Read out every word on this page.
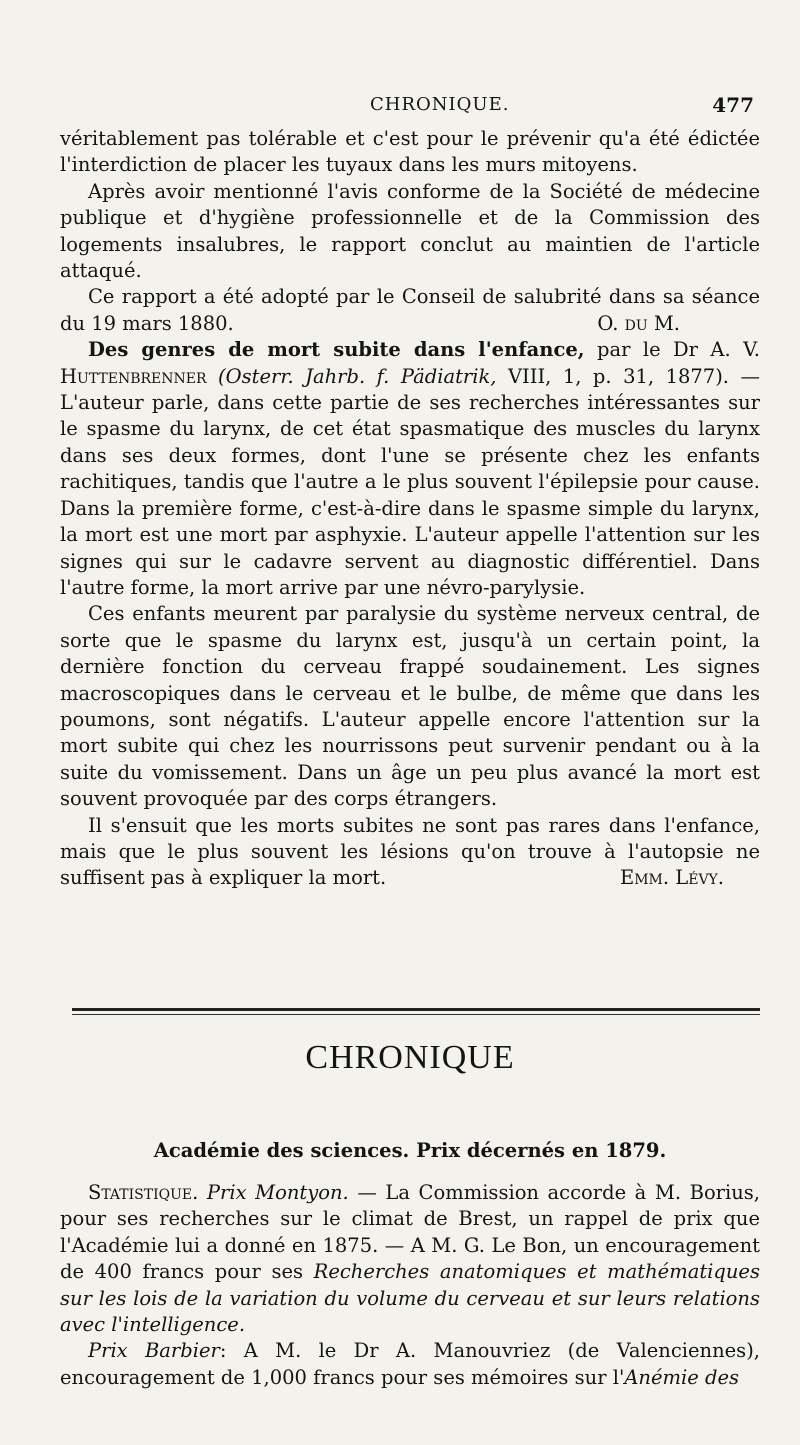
CHRONIQUE.	477

véritablement pas tolérable et c'est pour le prévenir qu'a été édictée l'interdiction de placer les tuyaux dans les murs mitoyens.

Après avoir mentionné l'avis conforme de la Société de médecine publique et d'hygiène professionnelle et de la Commission des logements insalubres, le rapport conclut au maintien de l'article attaqué.

Ce rapport a été adopté par le Conseil de salubrité dans sa séance du 19 mars 1880.	O. du M.

Des genres de mort subite dans l'enfance, par le Dr A. V. Huttenbrenner (Osterr. Jahrb. f. Pädiatrik, VIII, 1, p. 31, 1877). — L'auteur parle, dans cette partie de ses recherches intéressantes sur le spasme du larynx, de cet état spasmatique des muscles du larynx dans ses deux formes, dont l'une se présente chez les enfants rachitiques, tandis que l'autre a le plus souvent l'épilepsie pour cause. Dans la première forme, c'est-à-dire dans le spasme simple du larynx, la mort est une mort par asphyxie. L'auteur appelle l'attention sur les signes qui sur le cadavre servent au diagnostic différentiel. Dans l'autre forme, la mort arrive par une névro-parylysie.

Ces enfants meurent par paralysie du système nerveux central, de sorte que le spasme du larynx est, jusqu'à un certain point, la dernière fonction du cerveau frappé soudainement. Les signes macroscopiques dans le cerveau et le bulbe, de même que dans les poumons, sont négatifs. L'auteur appelle encore l'attention sur la mort subite qui chez les nourrissons peut survenir pendant ou à la suite du vomissement. Dans un âge un peu plus avancé la mort est souvent provoquée par des corps étrangers.

Il s'ensuit que les morts subites ne sont pas rares dans l'enfance, mais que le plus souvent les lésions qu'on trouve à l'autopsie ne suffisent pas à expliquer la mort.	Emm. Lévy.

CHRONIQUE
Académie des sciences. Prix décernés en 1879.

Statistique. Prix Montyon. — La Commission accorde à M. Borius, pour ses recherches sur le climat de Brest, un rappel de prix que l'Académie lui a donné en 1875. — A M. G. Le Bon, un encouragement de 400 francs pour ses Recherches anatomiques et mathématiques sur les lois de la variation du volume du cerveau et sur leurs relations avec l'intelligence.

Prix Barbier: A M. le Dr A. Manouvriez (de Valenciennes), encouragement de 1,000 francs pour ses mémoires sur l'Anémie des
